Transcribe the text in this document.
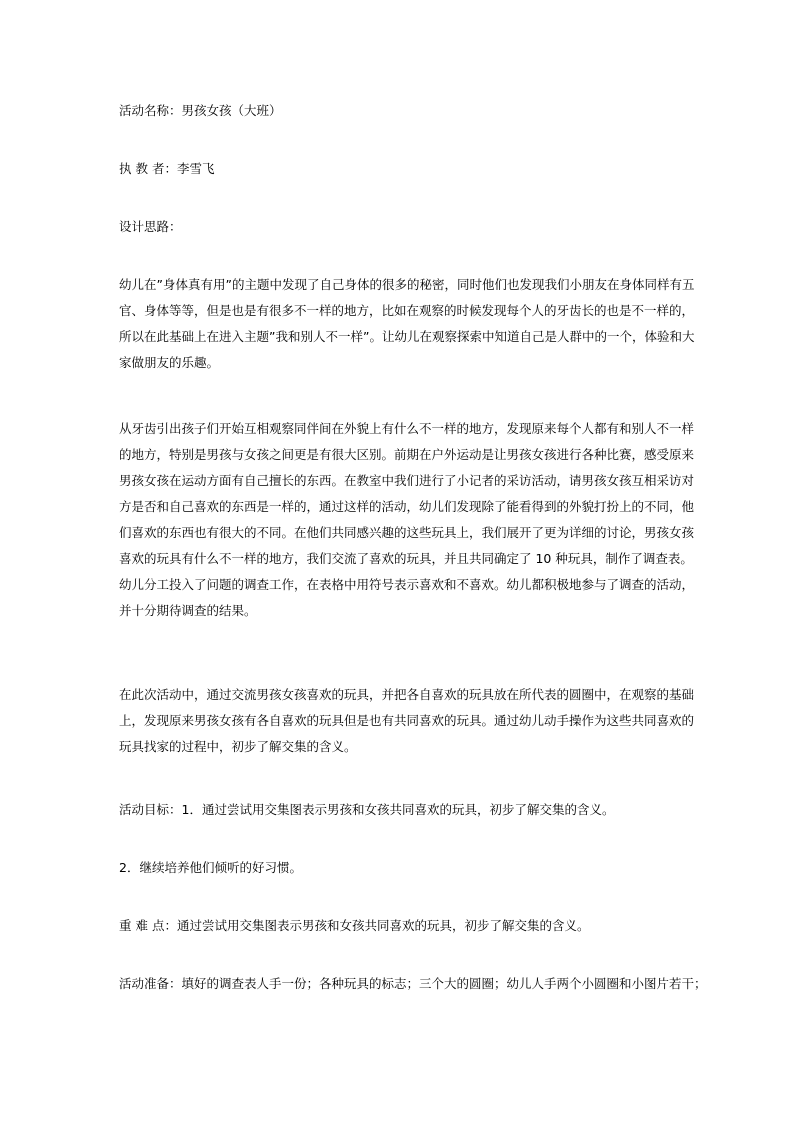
活动名称：男孩女孩（大班）

执 教 者：李雪飞

设计思路：

幼儿在”身体真有用”的主题中发现了自己身体的很多的秘密，同时他们也发现我们小朋友在身体同样有五
官、身体等等，但是也是有很多不一样的地方，比如在观察的时候发现每个人的牙齿长的也是不一样的，
所以在此基础上在进入主题”我和别人不一样”。让幼儿在观察探索中知道自己是人群中的一个，体验和大
家做朋友的乐趣。

从牙齿引出孩子们开始互相观察同伴间在外貌上有什么不一样的地方，发现原来每个人都有和别人不一样
的地方，特别是男孩与女孩之间更是有很大区别。前期在户外运动是让男孩女孩进行各种比赛，感受原来
男孩女孩在运动方面有自己擅长的东西。在教室中我们进行了小记者的采访活动，请男孩女孩互相采访对
方是否和自己喜欢的东西是一样的，通过这样的活动，幼儿们发现除了能看得到的外貌打扮上的不同，他
们喜欢的东西也有很大的不同。在他们共同感兴趣的这些玩具上，我们展开了更为详细的讨论，男孩女孩
喜欢的玩具有什么不一样的地方，我们交流了喜欢的玩具，并且共同确定了 10 种玩具，制作了调查表。
幼儿分工投入了问题的调查工作，在表格中用符号表示喜欢和不喜欢。幼儿都积极地参与了调查的活动，
并十分期待调查的结果。

在此次活动中，通过交流男孩女孩喜欢的玩具，并把各自喜欢的玩具放在所代表的圆圈中，在观察的基础
上，发现原来男孩女孩有各自喜欢的玩具但是也有共同喜欢的玩具。通过幼儿动手操作为这些共同喜欢的
玩具找家的过程中，初步了解交集的含义。

活动目标：1．通过尝试用交集图表示男孩和女孩共同喜欢的玩具，初步了解交集的含义。

2．继续培养他们倾听的好习惯。

重 难 点：通过尝试用交集图表示男孩和女孩共同喜欢的玩具，初步了解交集的含义。

活动准备：填好的调查表人手一份；各种玩具的标志；三个大的圆圈；幼儿人手两个小圆圈和小图片若干；
